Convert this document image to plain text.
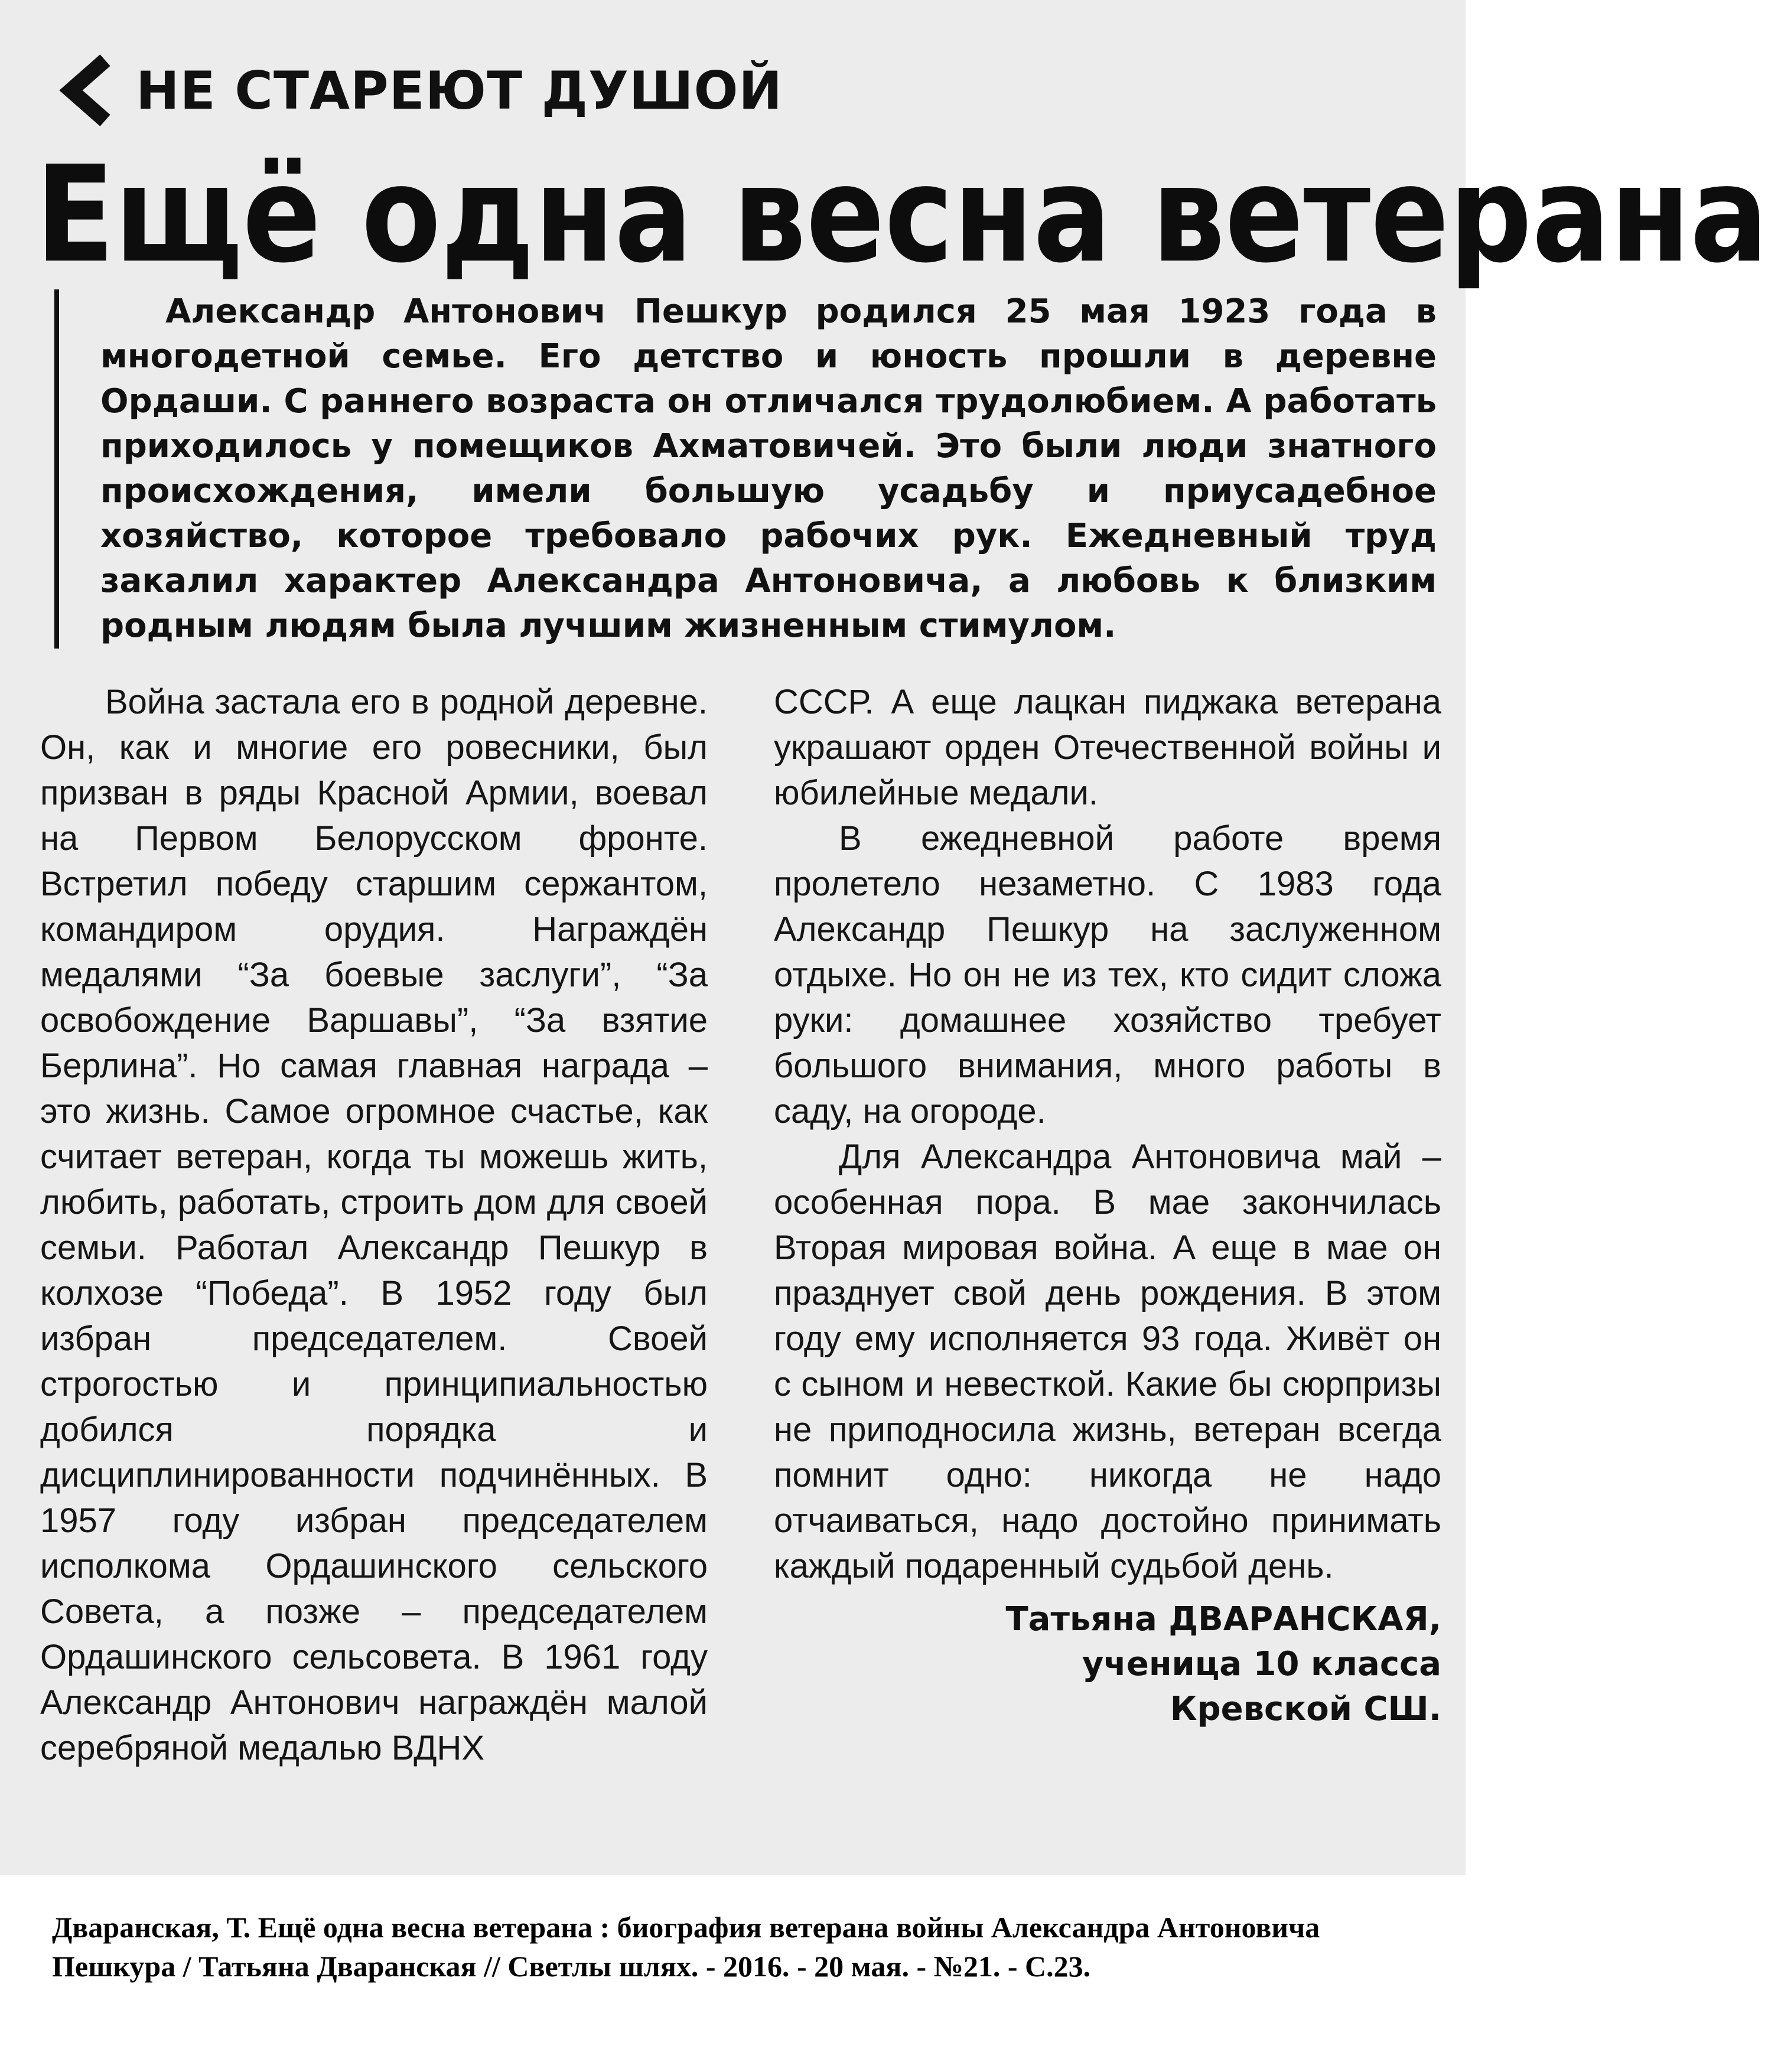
НЕ СТАРЕЮТ ДУШОЙ
Ещё одна весна ветерана

Александр Антонович Пешкур родился 25 мая 1923 года в многодетной семье. Его детство и юность прошли в деревне Ордаши. С раннего возраста он отличался трудолюбием. А работать приходилось у помещиков Ахматовичей. Это были люди знатного происхождения, имели большую усадьбу и приусадебное хозяйство, которое требовало рабочих рук. Ежедневный труд закалил характер Александра Антоновича, а любовь к близким родным людям была лучшим жизненным стимулом.

Война застала его в родной деревне. Он, как и многие его ровесники, был призван в ряды Красной Армии, воевал на Первом Белорусском фронте. Встретил победу старшим сержантом, командиром орудия. Награждён медалями “За боевые заслуги”, “За освобождение Варшавы”, “За взятие Берлина”. Но самая главная награда – это жизнь. Самое огромное счастье, как считает ветеран, когда ты можешь жить, любить, работать, строить дом для своей семьи. Работал Александр Пешкур в колхозе “Победа”. В 1952 году был избран председателем. Своей строгостью и принципиальностью добился порядка и дисциплинированности подчинённых. В 1957 году избран председателем исполкома Ордашинского сельского Совета, а позже – председателем Ордашинского сельсовета. В 1961 году Александр Антонович награждён малой серебряной медалью ВДНХ

СССР. А еще лацкан пиджака ветерана украшают орден Отечественной войны и юбилейные медали.

В ежедневной работе время пролетело незаметно. С 1983 года Александр Пешкур на заслуженном отдыхе. Но он не из тех, кто сидит сложа руки: домашнее хозяйство требует большого внимания, много работы в саду, на огороде.

Для Александра Антоновича май – особенная пора. В мае закончилась Вторая мировая война. А еще в мае он празднует свой день рождения. В этом году ему исполняется 93 года. Живёт он с сыном и невесткой. Какие бы сюрпризы не приподносила жизнь, ветеран всегда помнит одно: никогда не надо отчаиваться, надо достойно принимать каждый подаренный судьбой день.

Татьяна ДВАРАНСКАЯ,
ученица 10 класса
Кревской СШ.
Дваранская, Т. Ещё одна весна ветерана : биография ветерана войны Александра Антоновича Пешкура / Татьяна Дваранская // Светлы шлях. - 2016. - 20 мая. - №21. - С.23.
